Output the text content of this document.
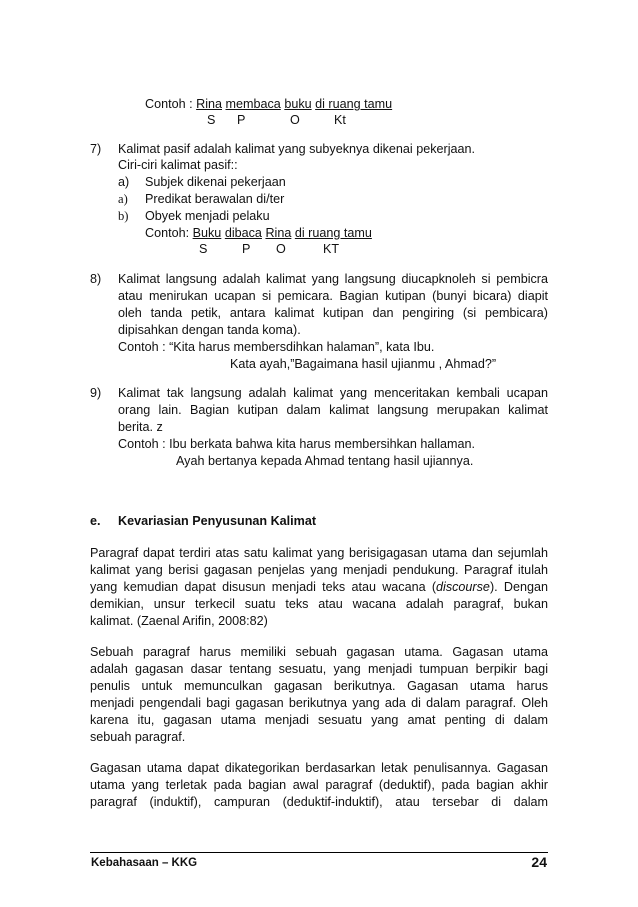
Contoh : Rina membaca buku di ruang tamu
S P	O	Kt
7) Kalimat pasif adalah kalimat yang subyeknya dikenai pekerjaan.
Ciri-ciri kalimat pasif::
a) Subjek dikenai pekerjaan
a) Predikat berawalan di/ter
b) Obyek menjadi pelaku
Contoh: Buku dibaca Rina di ruang tamu
S	P O	KT
8) Kalimat langsung adalah kalimat yang langsung diucapknoleh si pembicra
atau menirukan ucapan si pemicara. Bagian kutipan (bunyi bicara) diapit
oleh tanda petik, antara kalimat kutipan dan pengiring (si pembicara)
dipisahkan dengan tanda koma).
Contoh : “Kita harus membersdihkan halaman”, kata Ibu.
Kata ayah,”Bagaimana hasil ujianmu , Ahmad?”
9) Kalimat tak langsung adalah kalimat yang menceritakan kembali ucapan
orang lain. Bagian kutipan dalam kalimat langsung merupakan kalimat
berita. z
Contoh : Ibu berkata bahwa kita harus membersihkan hallaman.
Ayah bertanya kepada Ahmad tentang hasil ujiannya.
e. Kevariasian Penyusunan Kalimat
Paragraf dapat terdiri atas satu kalimat yang berisigagasan utama dan sejumlah
kalimat yang berisi gagasan penjelas yang menjadi pendukung. Paragraf itulah
yang kemudian dapat disusun menjadi teks atau wacana (discourse). Dengan
demikian, unsur terkecil suatu teks atau wacana adalah paragraf, bukan
kalimat. (Zaenal Arifin, 2008:82)
Sebuah paragraf harus memiliki sebuah gagasan utama. Gagasan utama
adalah gagasan dasar tentang sesuatu, yang menjadi tumpuan berpikir bagi
penulis untuk memunculkan gagasan berikutnya. Gagasan utama harus
menjadi pengendali bagi gagasan berikutnya yang ada di dalam paragraf. Oleh
karena itu, gagasan utama menjadi sesuatu yang amat penting di dalam
sebuah paragraf.
Gagasan utama dapat dikategorikan berdasarkan letak penulisannya. Gagasan
utama yang terletak pada bagian awal paragraf (deduktif), pada bagian akhir
paragraf (induktif), campuran (deduktif-induktif), atau tersebar di dalam
Kebahasaan – KKG	24
